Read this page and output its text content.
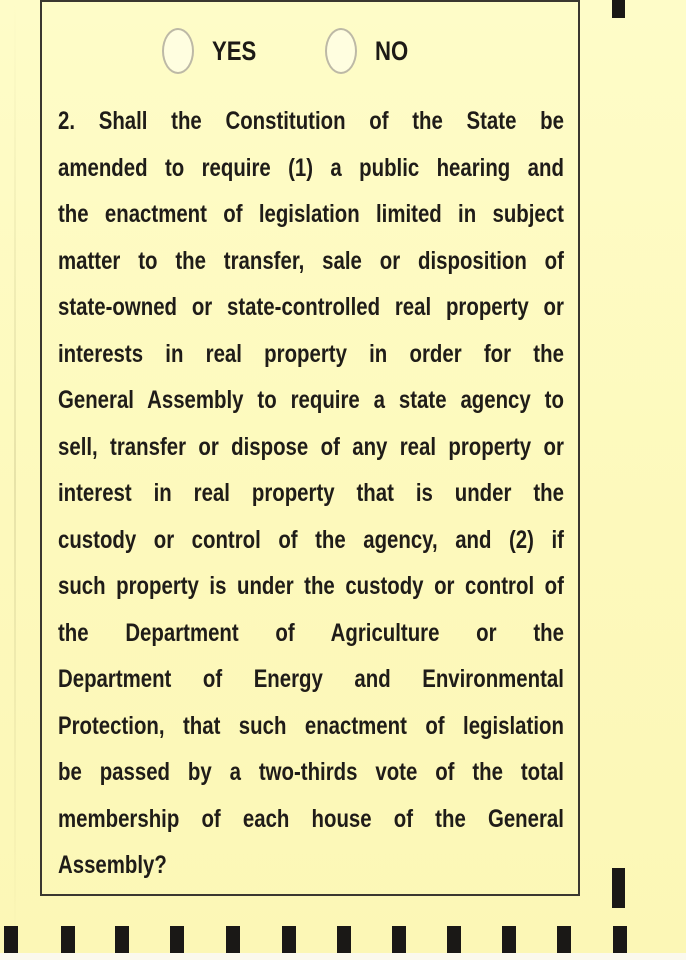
YES	NO
2. Shall the Constitution of the State be
amended to require (1) a public hearing and
the enactment of legislation limited in subject
matter to the transfer, sale or disposition of
state-owned or state-controlled real property or
interests in real property in order for the
General Assembly to require a state agency to
sell, transfer or dispose of any real property or
interest in real property that is under the
custody or control of the agency, and (2) if
such property is under the custody or control of
the Department of Agriculture or the
Department of Energy and Environmental
Protection, that such enactment of legislation
be passed by a two-thirds vote of the total
membership of each house of the General
Assembly?
